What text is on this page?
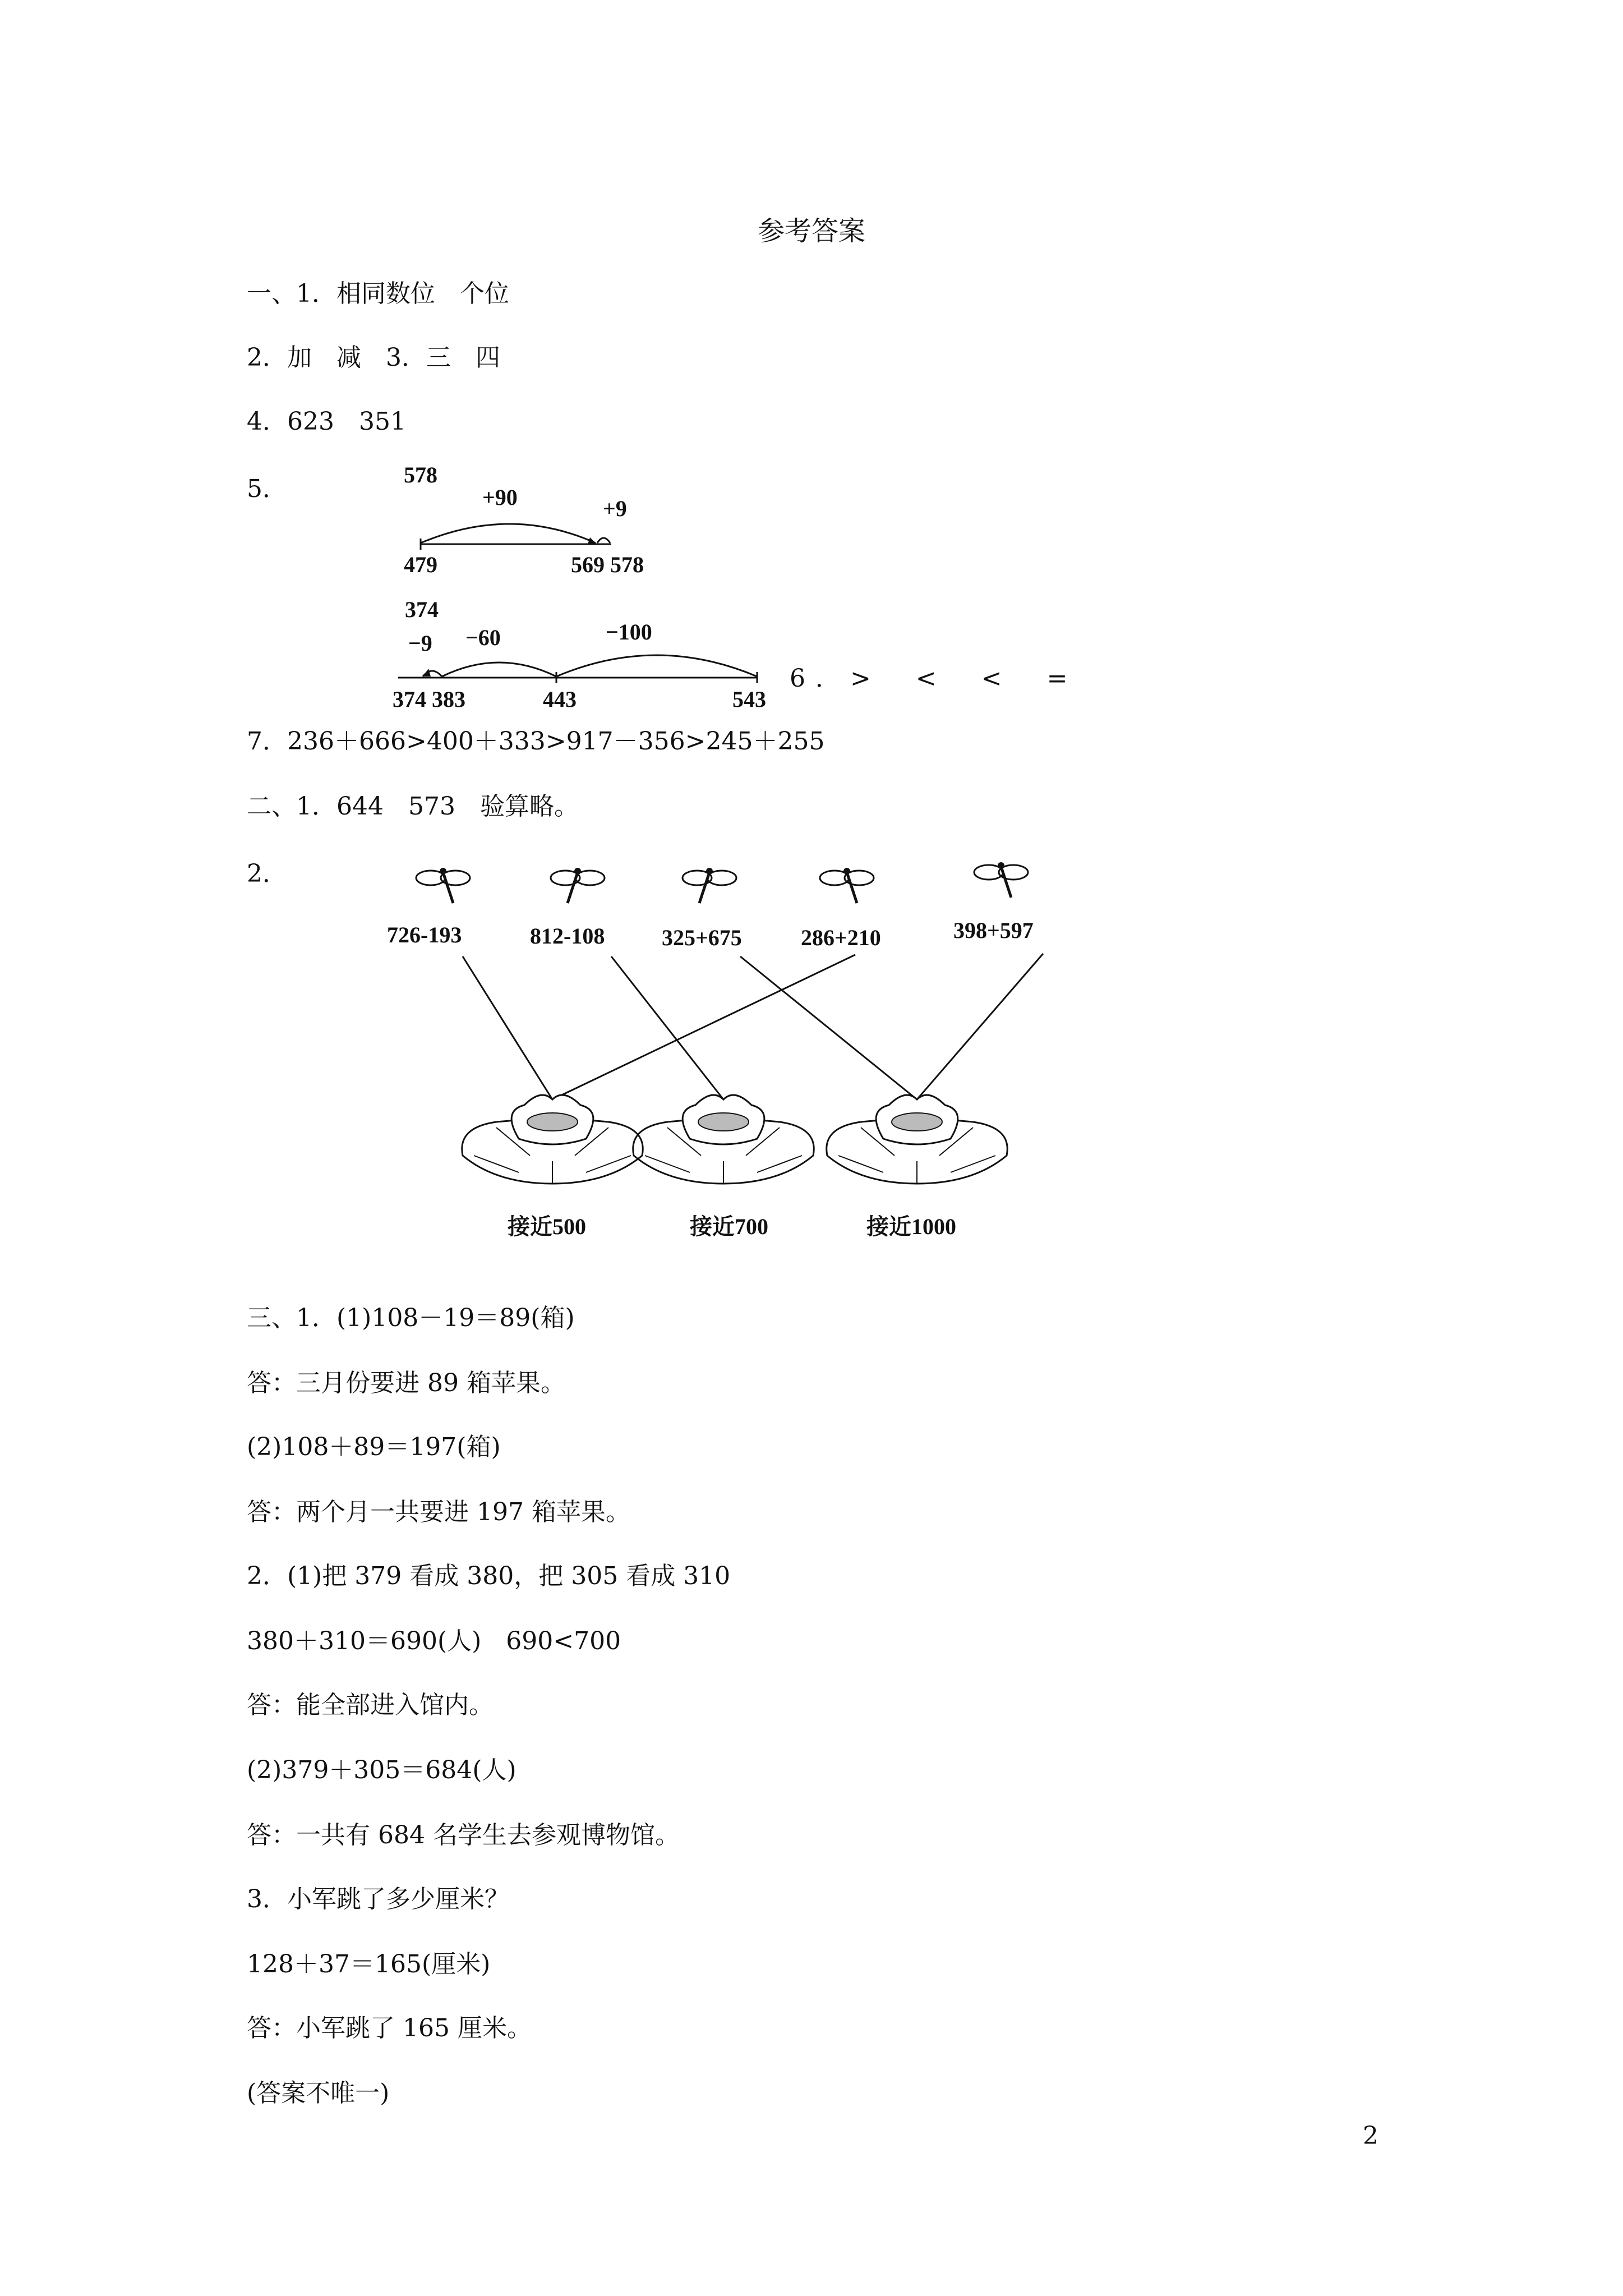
参考答案
一、1．相同数位　个位
2．加　减　3．三　四
4．623　351
5．	578
+90	+9
479	569 578
374
−9 −60	−100
374 383	443	543
6．>　<　<　=
7．236＋666>400＋333>917－356>245＋255
二、1．644　573　验算略。
2．
726-193	812-108	325+675	286+210	398+597
接近500	接近700	接近1000
三、1．(1)108－19＝89(箱)
答：三月份要进 89 箱苹果。
(2)108＋89＝197(箱)
答：两个月一共要进 197 箱苹果。
2．(1)把 379 看成 380，把 305 看成 310
380＋310＝690(人)　690<700
答：能全部进入馆内。
(2)379＋305＝684(人)
答：一共有 684 名学生去参观博物馆。
3．小军跳了多少厘米？
128＋37＝165(厘米)
答：小军跳了 165 厘米。
(答案不唯一)
2
